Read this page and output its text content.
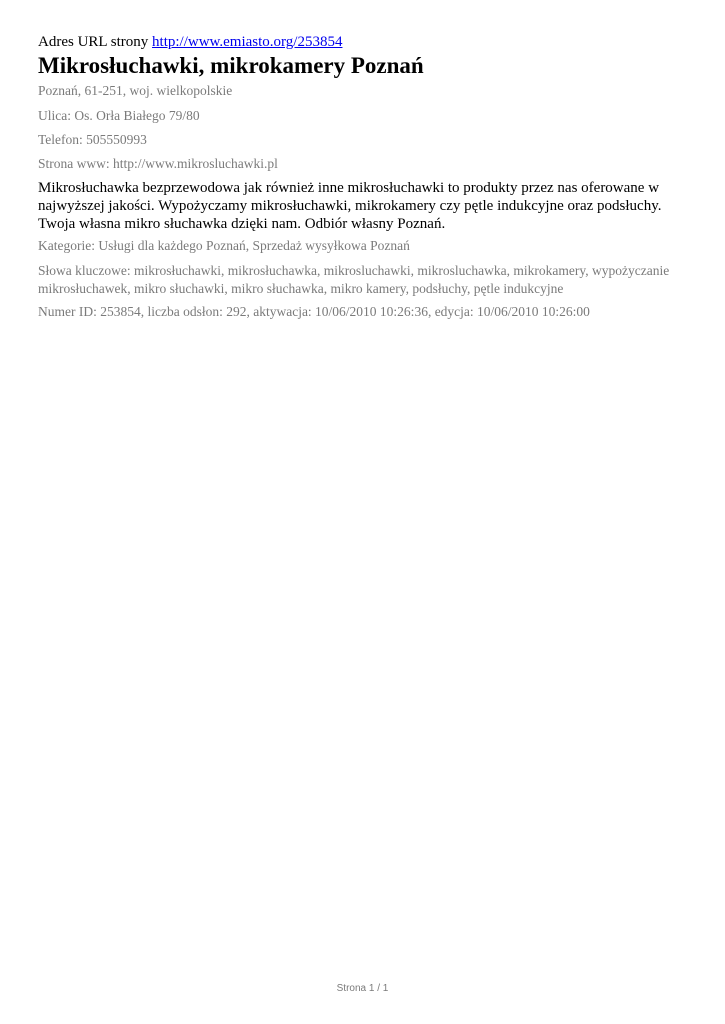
Adres URL strony http://www.emiasto.org/253854
Mikrosłuchawki, mikrokamery Poznań
Poznań, 61-251, woj. wielkopolskie
Ulica: Os. Orła Białego 79/80
Telefon: 505550993
Strona www: http://www.mikrosluchawki.pl
Mikrosłuchawka bezprzewodowa jak również inne mikrosłuchawki to produkty przez nas oferowane w najwyższej jakości. Wypożyczamy mikrosłuchawki, mikrokamery czy pętle indukcyjne oraz podsłuchy. Twoja własna mikro słuchawka dzięki nam. Odbiór własny Poznań.
Kategorie: Usługi dla każdego Poznań, Sprzedaż wysyłkowa Poznań
Słowa kluczowe: mikrosłuchawki, mikrosłuchawka, mikrosluchawki, mikrosluchawka, mikrokamery, wypożyczanie mikrosłuchawek, mikro słuchawki, mikro słuchawka, mikro kamery, podsłuchy, pętle indukcyjne
Numer ID: 253854, liczba odsłon: 292, aktywacja: 10/06/2010 10:26:36, edycja: 10/06/2010 10:26:00
Strona 1 / 1
